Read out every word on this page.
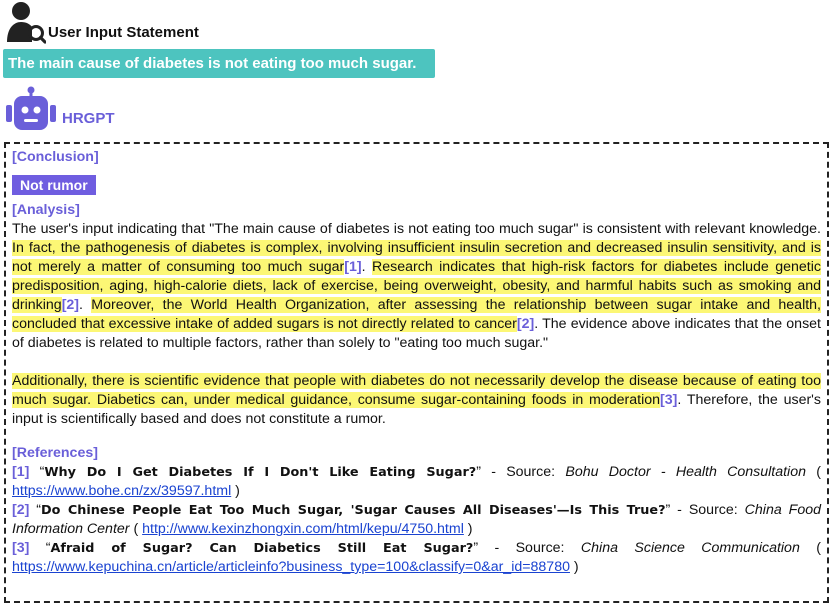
User Input Statement
The main cause of diabetes is not eating too much sugar.
HRGPT
[Conclusion]
Not rumor
[Analysis]
The user's input indicating that "The main cause of diabetes is not eating too much sugar" is consistent with relevant knowledge. In fact, the pathogenesis of diabetes is complex, involving insufficient insulin secretion and decreased insulin sensitivity, and is not merely a matter of consuming too much sugar[1]. Research indicates that high-risk factors for diabetes include genetic predisposition, aging, high-calorie diets, lack of exercise, being overweight, obesity, and harmful habits such as smoking and drinking[2]. Moreover, the World Health Organization, after assessing the relationship between sugar intake and health, concluded that excessive intake of added sugars is not directly related to cancer[2]. The evidence above indicates that the onset of diabetes is related to multiple factors, rather than solely to "eating too much sugar."
Additionally, there is scientific evidence that people with diabetes do not necessarily develop the disease because of eating too much sugar. Diabetics can, under medical guidance, consume sugar-containing foods in moderation[3]. Therefore, the user's input is scientifically based and does not constitute a rumor.
[References]
[1] “Why Do I Get Diabetes If I Don't Like Eating Sugar?” - Source: Bohu Doctor - Health Consultation ( https://www.bohe.cn/zx/39597.html )
[2] “Do Chinese People Eat Too Much Sugar, 'Sugar Causes All Diseases'—Is This True?” - Source: China Food Information Center ( http://www.kexinzhongxin.com/html/kepu/4750.html )
[3] “Afraid of Sugar? Can Diabetics Still Eat Sugar?” - Source: China Science Communication ( https://www.kepuchina.cn/article/articleinfo?business_type=100&classify=0&ar_id=88780 )
